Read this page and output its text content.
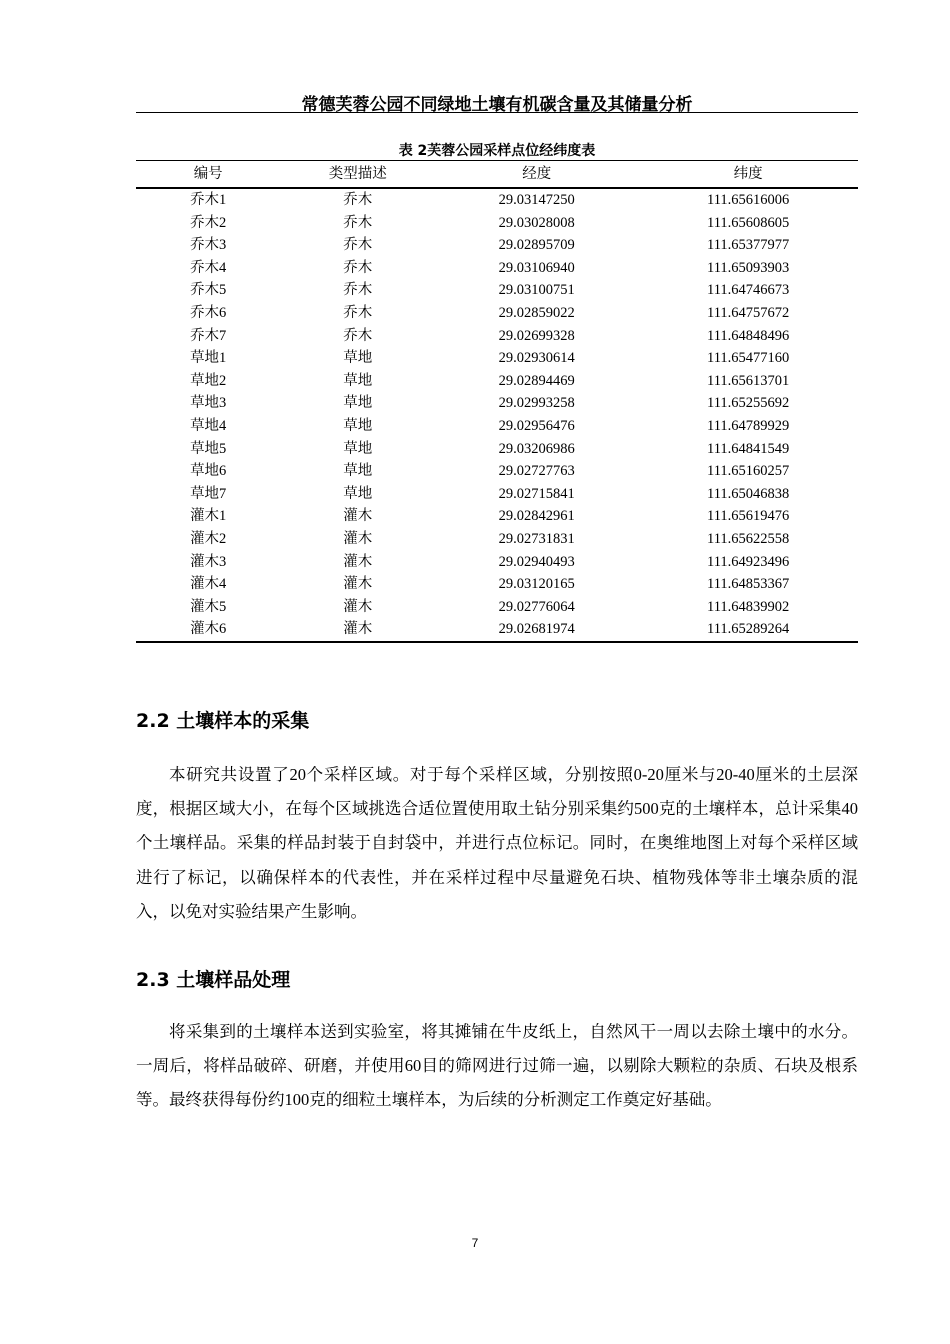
常德芙蓉公园不同绿地土壤有机碳含量及其储量分析
表 2芙蓉公园采样点位经纬度表
编号	类型描述	经度	纬度
乔木1	乔木	29.03147250	111.65616006
乔木2	乔木	29.03028008	111.65608605
乔木3	乔木	29.02895709	111.65377977
乔木4	乔木	29.03106940	111.65093903
乔木5	乔木	29.03100751	111.64746673
乔木6	乔木	29.02859022	111.64757672
乔木7	乔木	29.02699328	111.64848496
草地1	草地	29.02930614	111.65477160
草地2	草地	29.02894469	111.65613701
草地3	草地	29.02993258	111.65255692
草地4	草地	29.02956476	111.64789929
草地5	草地	29.03206986	111.64841549
草地6	草地	29.02727763	111.65160257
草地7	草地	29.02715841	111.65046838
灌木1	灌木	29.02842961	111.65619476
灌木2	灌木	29.02731831	111.65622558
灌木3	灌木	29.02940493	111.64923496
灌木4	灌木	29.03120165	111.64853367
灌木5	灌木	29.02776064	111.64839902
灌木6	灌木	29.02681974	111.65289264
2.2 土壤样本的采集
本研究共设置了20个采样区域。对于每个采样区域，分别按照0-20厘米与20-40厘米的土层深度，根据区域大小，在每个区域挑选合适位置使用取土钻分别采集约500克的土壤样本，总计采集40个土壤样品。采集的样品封装于自封袋中，并进行点位标记。同时，在奥维地图上对每个采样区域进行了标记，以确保样本的代表性，并在采样过程中尽量避免石块、植物残体等非土壤杂质的混入，以免对实验结果产生影响。
2.3 土壤样品处理
将采集到的土壤样本送到实验室，将其摊铺在牛皮纸上，自然风干一周以去除土壤中的水分。一周后，将样品破碎、研磨，并使用60目的筛网进行过筛一遍，以剔除大颗粒的杂质、石块及根系等。最终获得每份约100克的细粒土壤样本，为后续的分析测定工作奠定好基础。
7
